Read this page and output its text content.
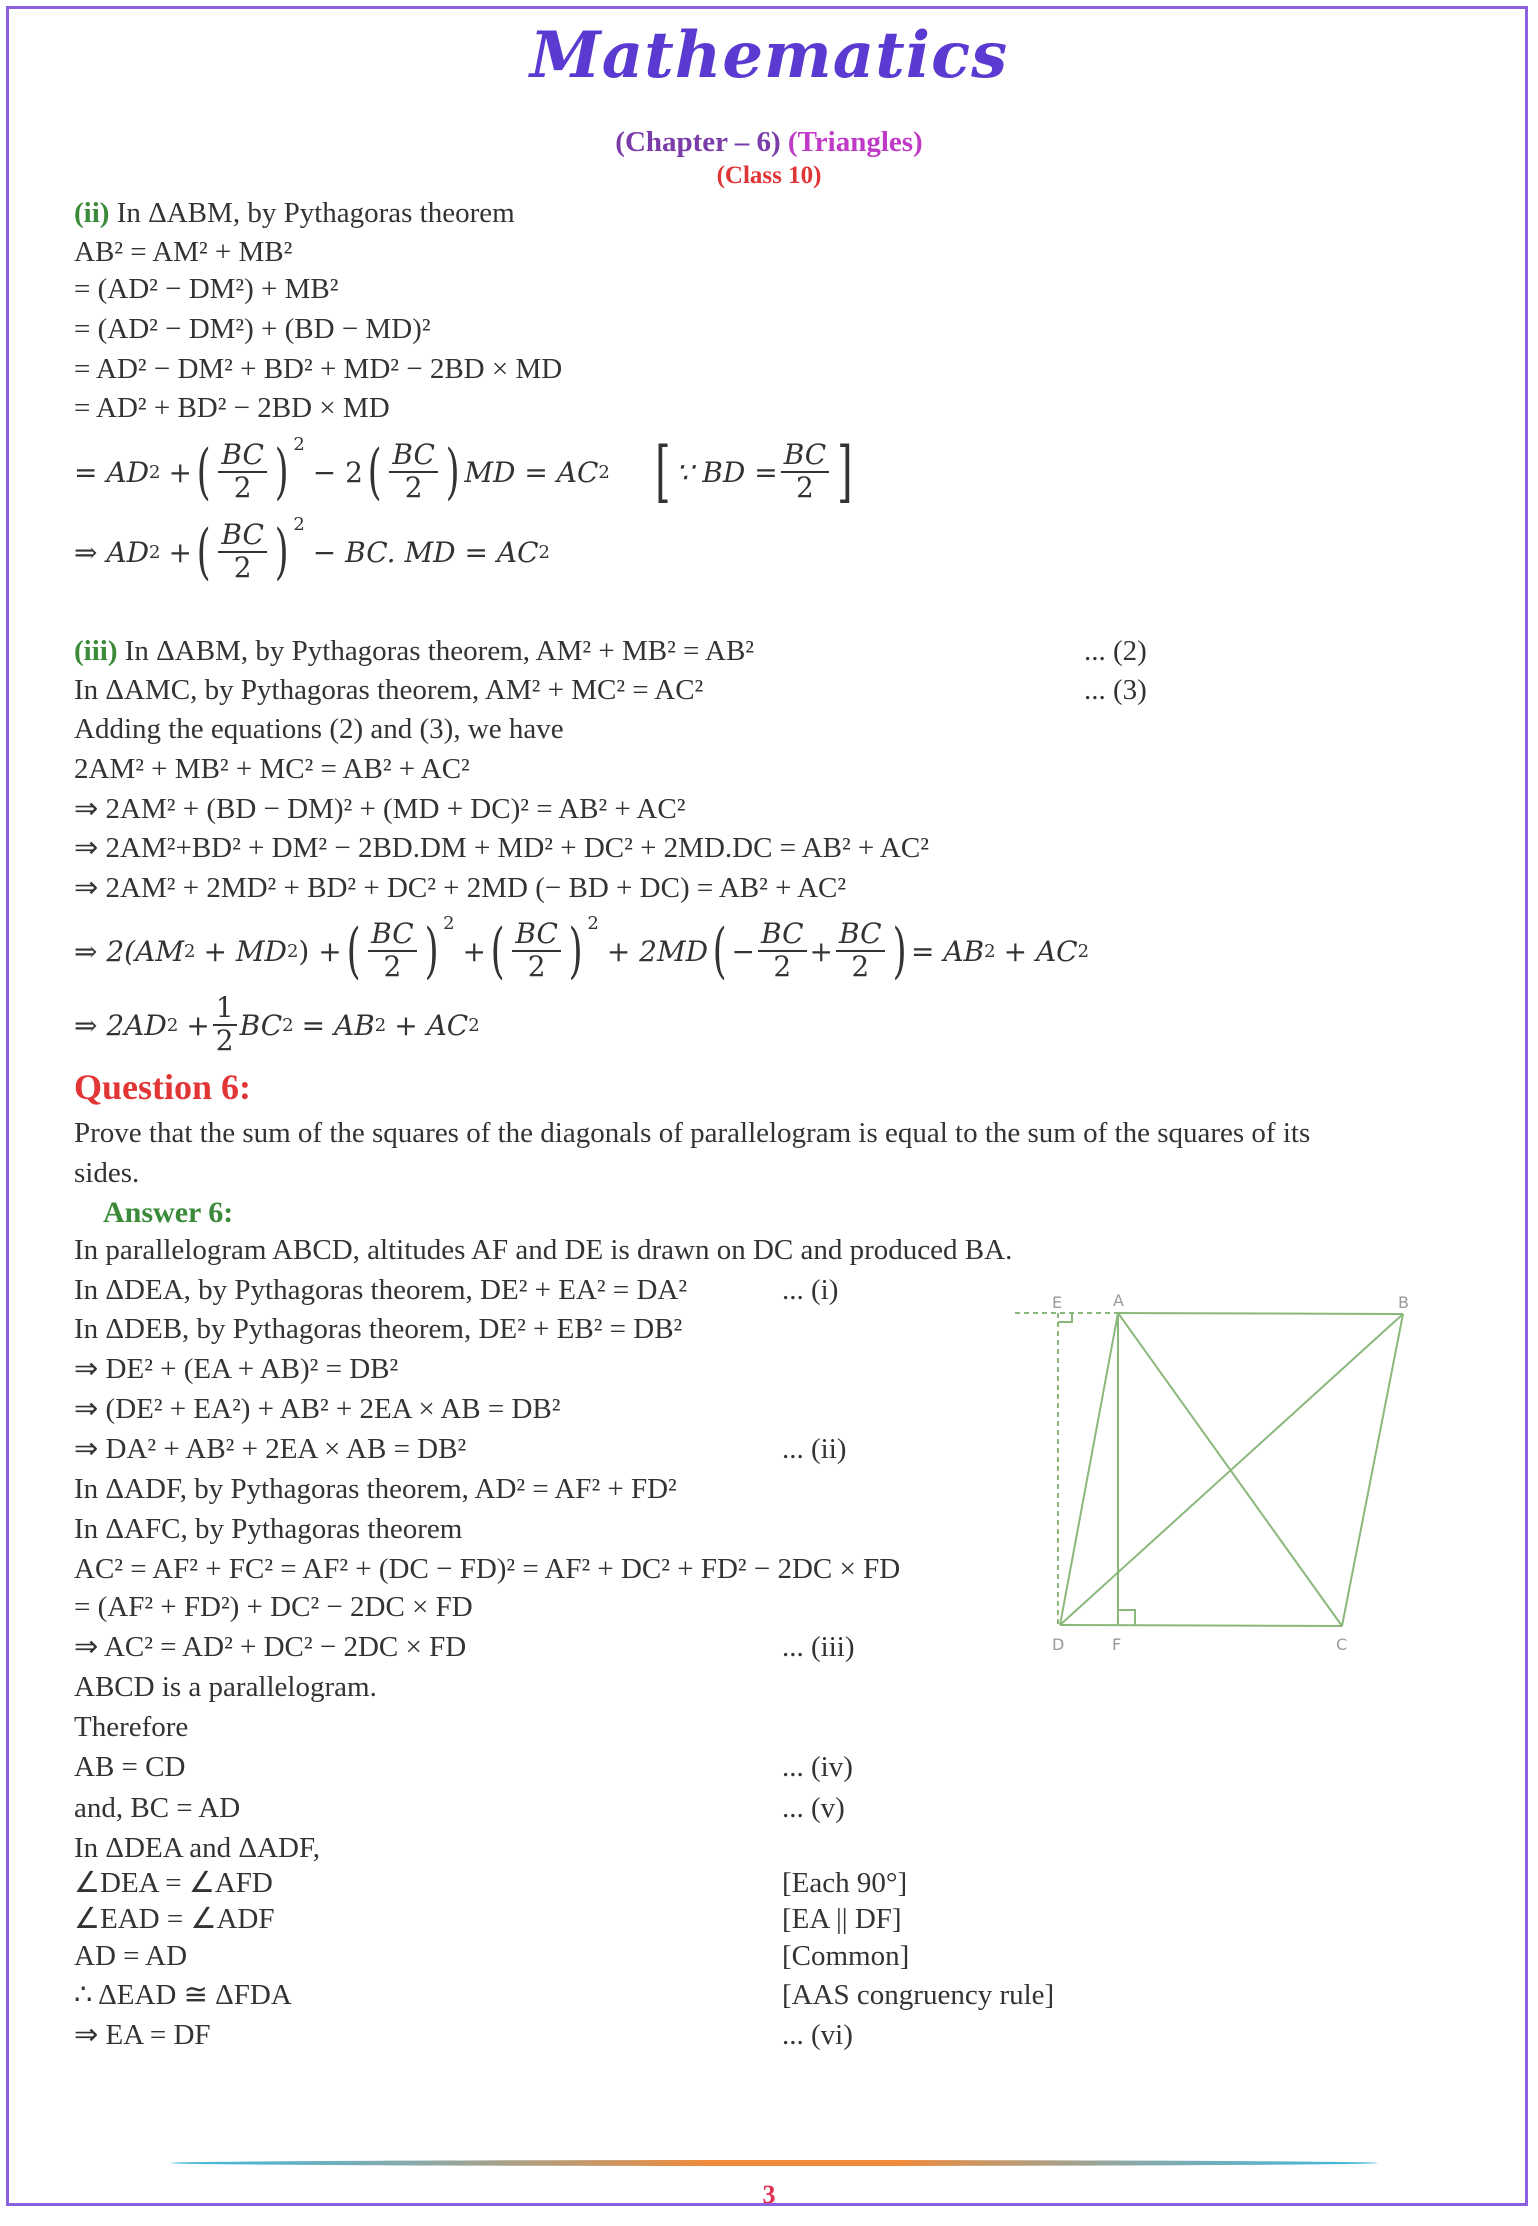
Mathematics
(Chapter – 6) (Triangles)
(Class 10)
(ii) In ΔABM, by Pythagoras theorem
AB² = AM² + MB²
= (AD² − DM²) + MB²
= (AD² − DM²) + (BD − MD)²
= AD² − DM² + BD² + MD² − 2BD × MD
= AD² + BD² − 2BD × MD
= AD 2 + ( $\frac{BC}{2}$ ) 2
− 2 ( $\frac{BC}{2}$ ) MD = AC 2 [ ∵ BD = $\frac{BC}{2}$ ]
⇒ AD 2 + ( $\frac{BC}{2}$ ) 2
− BC. MD = AC 2
(iii) In ΔABM, by Pythagoras theorem, AM² + MB² = AB²	... (2)
In ΔAMC, by Pythagoras theorem, AM² + MC² = AC²	... (3)
Adding the equations (2) and (3), we have
2AM² + MB² + MC² = AB² + AC²
⇒ 2AM² + (BD − DM)² + (MD + DC)² = AB² + AC²
⇒ 2AM²+BD² + DM² − 2BD.DM + MD² + DC² + 2MD.DC = AB² + AC²
⇒ 2AM² + 2MD² + BD² + DC² + 2MD (− BD + DC) = AB² + AC²
⇒ 2(AM 2 + MD 2 ) + ( $\frac{BC}{2}$ ) 2
+ ( $\frac{BC}{2}$ ) 2
+ 2MD ( − $\frac{BC}{2} + \frac{BC}{2}$ ) = AB 2 + AC 2
⇒ 2AD $2 + \frac{1}{2}$ BC 2 = AB 2 + AC 2
Question 6:
Prove that the sum of the squares of the diagonals of parallelogram is equal to the sum of the squares of its
sides.
Answer 6:
In parallelogram ABCD, altitudes AF and DE is drawn on DC and produced BA.
In ΔDEA, by Pythagoras theorem, DE² + EA² = DA²	... (i)
In ΔDEB, by Pythagoras theorem, DE² + EB² = DB²
⇒ DE² + (EA + AB)² = DB²
⇒ (DE² + EA²) + AB² + 2EA × AB = DB²
⇒ DA² + AB² + 2EA × AB = DB²	... (ii)
In ΔADF, by Pythagoras theorem, AD² = AF² + FD²
In ΔAFC, by Pythagoras theorem
AC² = AF² + FC² = AF² + (DC − FD)² = AF² + DC² + FD² − 2DC × FD
= (AF² + FD²) + DC² − 2DC × FD
⇒ AC² = AD² + DC² − 2DC × FD	... (iii)
ABCD is a parallelogram.
Therefore
AB = CD	... (iv)
and, BC = AD	... (v)
In ΔDEA and ΔADF,
∠DEA = ∠AFD	[Each 90°]
∠EAD = ∠ADF	[EA || DF]
AD = AD	[Common]
∴ ΔEAD ≅ ΔFDA	[AAS congruency rule]
⇒ EA = DF	... (vi)
E	A	B
D	F	C
3
